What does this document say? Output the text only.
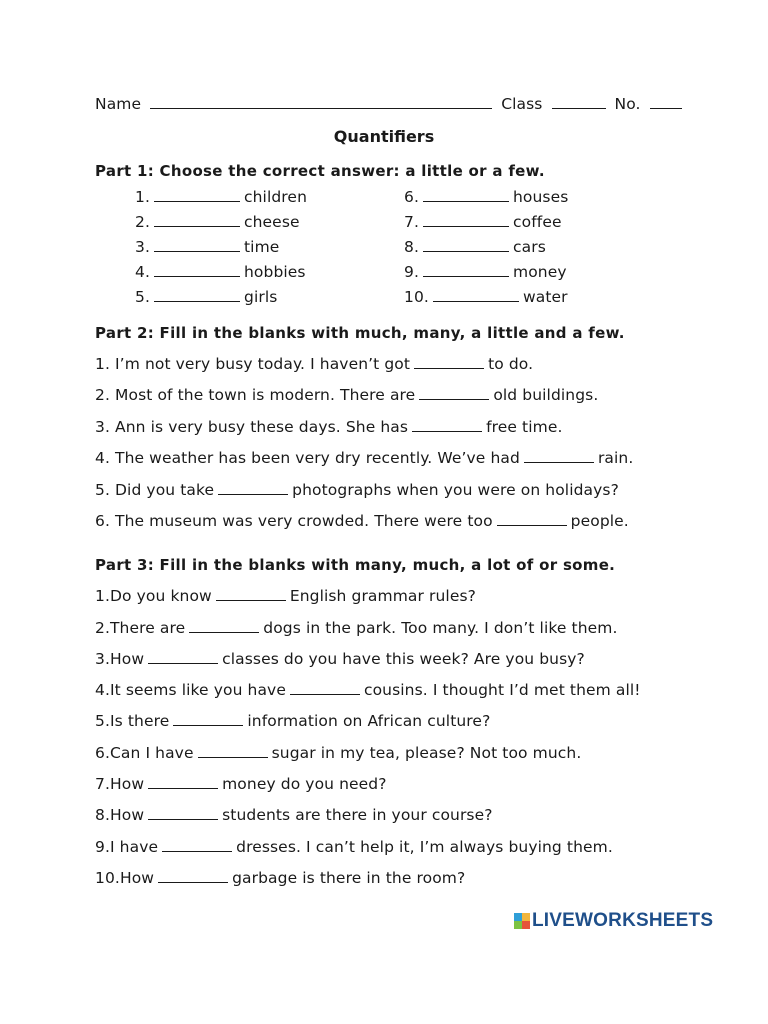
Name	Class	No.
Quantifiers
Part 1: Choose the correct answer: a little or a few.
1.	children
2.	cheese
3.	time
4.	hobbies
5.	girls
6.	houses
7.	coffee
8.	cars
9.	money
10.	water
Part 2: Fill in the blanks with much, many, a little and a few.
1. I’m not very busy today. I haven’t got	to do.
2. Most of the town is modern. There are	old buildings.
3. Ann is very busy these days. She has	free time.
4. The weather has been very dry recently. We’ve had	rain.
5. Did you take	photographs when you were on holidays?
6. The museum was very crowded. There were too	people.
Part 3: Fill in the blanks with many, much, a lot of or some.
1.Do you know	English grammar rules?
2.There are	dogs in the park. Too many. I don’t like them.
3.How	classes do you have this week? Are you busy?
4.It seems like you have	cousins. I thought I’d met them all!
5.Is there	information on African culture?
6.Can I have	sugar in my tea, please? Not too much.
7.How	money do you need?
8.How	students are there in your course?
9.I have	dresses. I can’t help it, I’m always buying them.
10.How	garbage is there in the room?
LIVEWORKSHEETS
